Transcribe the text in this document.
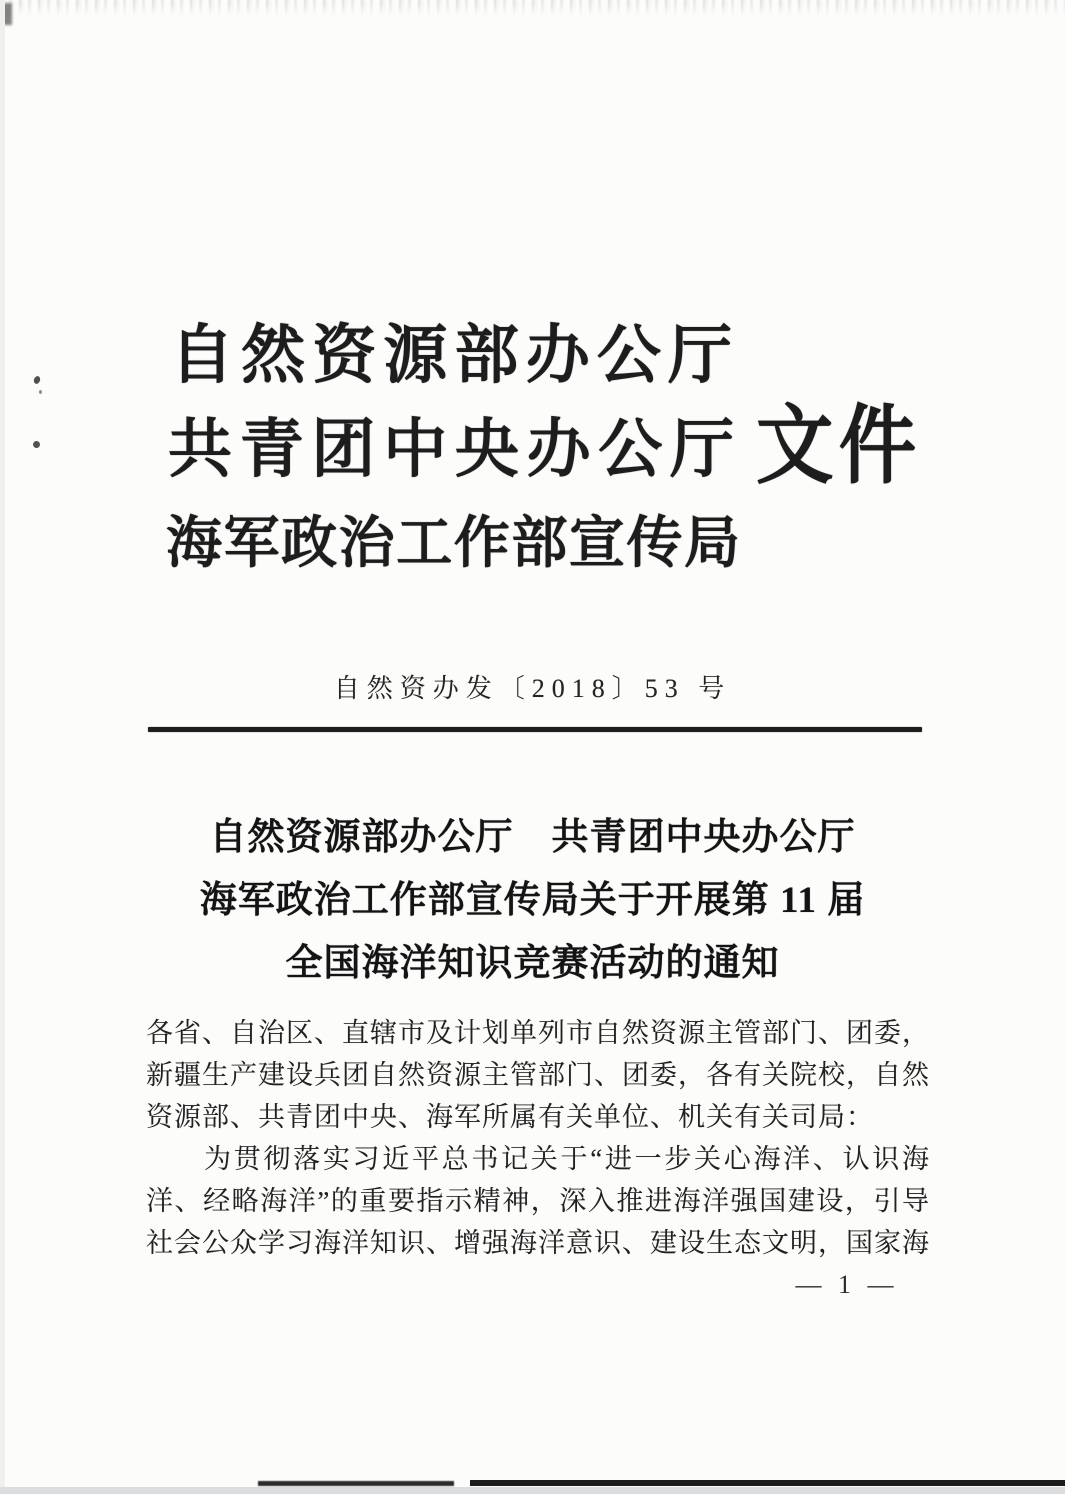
自然资源部办公厅
共青团中央办公厅 文件
海军政治工作部宣传局
自然资办发〔2018〕53 号
自然资源部办公厅　共青团中央办公厅
海军政治工作部宣传局关于开展第 11 届
全国海洋知识竞赛活动的通知
各省、自治区、直辖市及计划单列市自然资源主管部门、团委，
新疆生产建设兵团自然资源主管部门、团委，各有关院校，自然
资源部、共青团中央、海军所属有关单位、机关有关司局：
为贯彻落实习近平总书记关于“进一步关心海洋、认识海
洋、经略海洋”的重要指示精神，深入推进海洋强国建设，引导
社会公众学习海洋知识、增强海洋意识、建设生态文明，国家海
— 1 —
